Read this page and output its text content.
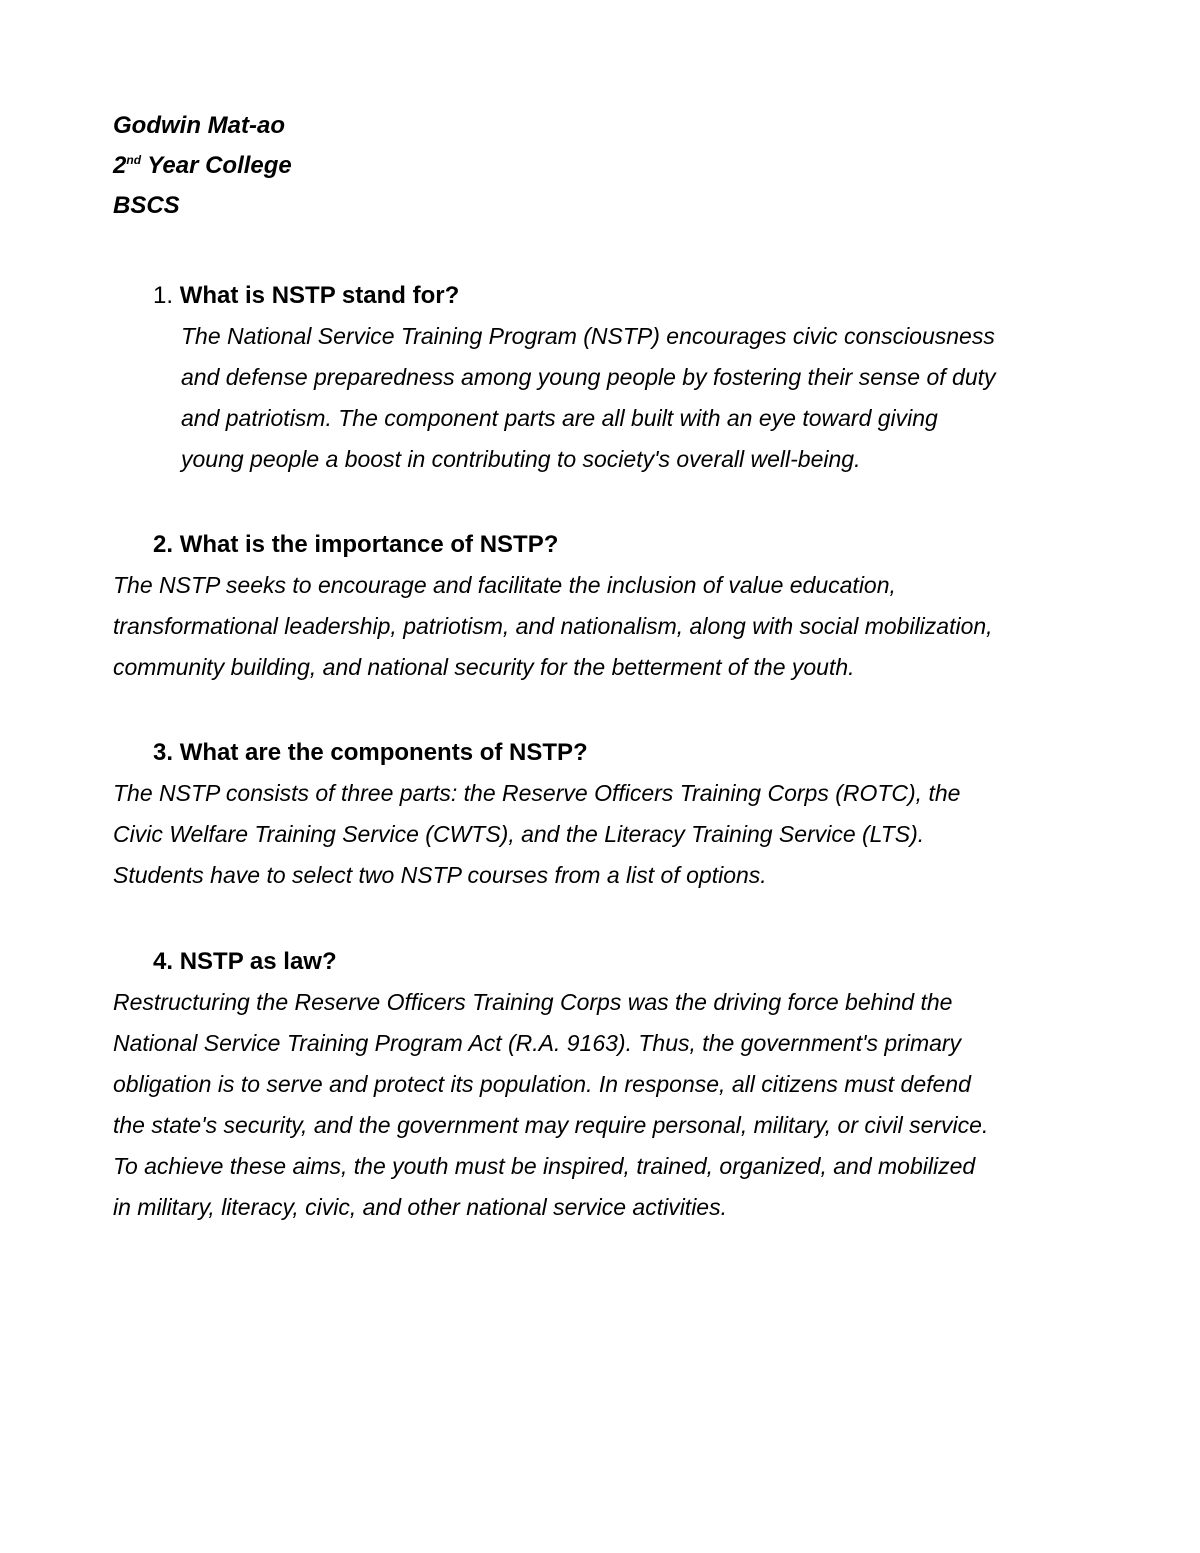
Godwin Mat-ao
2nd Year College
BSCS
1. What is NSTP stand for?
The National Service Training Program (NSTP) encourages civic consciousness
and defense preparedness among young people by fostering their sense of duty
and patriotism. The component parts are all built with an eye toward giving
young people a boost in contributing to society's overall well-being.
2. What is the importance of NSTP?
The NSTP seeks to encourage and facilitate the inclusion of value education,
transformational leadership, patriotism, and nationalism, along with social mobilization,
community building, and national security for the betterment of the youth.
3. What are the components of NSTP?
The NSTP consists of three parts: the Reserve Officers Training Corps (ROTC), the
Civic Welfare Training Service (CWTS), and the Literacy Training Service (LTS).
Students have to select two NSTP courses from a list of options.
4. NSTP as law?
Restructuring the Reserve Officers Training Corps was the driving force behind the
National Service Training Program Act (R.A. 9163). Thus, the government's primary
obligation is to serve and protect its population. In response, all citizens must defend
the state's security, and the government may require personal, military, or civil service.
To achieve these aims, the youth must be inspired, trained, organized, and mobilized
in military, literacy, civic, and other national service activities.
